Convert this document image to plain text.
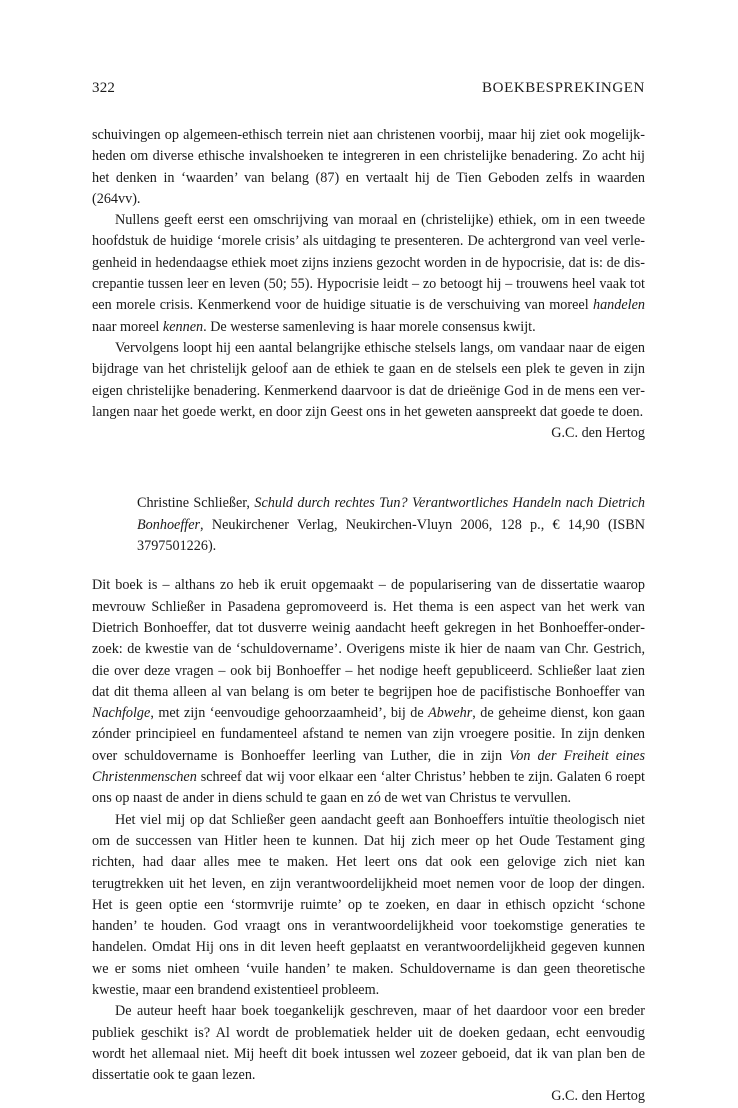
322	BOEKBESPREKINGEN

schuivingen op algemeen-ethisch terrein niet aan christenen voorbij, maar hij ziet ook mogelijkheden om diverse ethische invalshoeken te integreren in een christelijke benadering. Zo acht hij het denken in ‘waarden’ van belang (87) en vertaalt hij de Tien Geboden zelfs in waarden (264vv).

Nullens geeft eerst een omschrijving van moraal en (christelijke) ethiek, om in een tweede hoofdstuk de huidige ‘morele crisis’ als uitdaging te presenteren. De achtergrond van veel verlegenheid in hedendaagse ethiek moet zijns inziens gezocht worden in de hypocrisie, dat is: de discrepantie tussen leer en leven (50; 55). Hypocrisie leidt – zo betoogt hij – trouwens heel vaak tot een morele crisis. Kenmerkend voor de huidige situatie is de verschuiving van moreel handelen naar moreel kennen. De westerse samenleving is haar morele consensus kwijt.

Vervolgens loopt hij een aantal belangrijke ethische stelsels langs, om vandaar naar de eigen bijdrage van het christelijk geloof aan de ethiek te gaan en de stelsels een plek te geven in zijn eigen christelijke benadering. Kenmerkend daarvoor is dat de drieënige God in de mens een verlangen naar het goede werkt, en door zijn Geest ons in het geweten aanspreekt dat goede te doen.

G.C. den Hertog

Christine Schließer, Schuld durch rechtes Tun? Verantwortliches Handeln nach Dietrich Bonhoeffer, Neukirchener Verlag, Neukirchen-Vluyn 2006, 128 p., € 14,90 (ISBN 3797501226).

Dit boek is – althans zo heb ik eruit opgemaakt – de popularisering van de dissertatie waarop mevrouw Schließer in Pasadena gepromoveerd is. Het thema is een aspect van het werk van Dietrich Bonhoeffer, dat tot dusverre weinig aandacht heeft gekregen in het Bonhoeffer-onderzoek: de kwestie van de ‘schuldovername’. Overigens miste ik hier de naam van Chr. Gestrich, die over deze vragen – ook bij Bonhoeffer – het nodige heeft gepubliceerd. Schließer laat zien dat dit thema alleen al van belang is om beter te begrijpen hoe de pacifistische Bonhoeffer van Nachfolge, met zijn ‘eenvoudige gehoorzaamheid’, bij de Abwehr, de geheime dienst, kon gaan zónder principieel en fundamenteel afstand te nemen van zijn vroegere positie. In zijn denken over schuldovername is Bonhoeffer leerling van Luther, die in zijn Von der Freiheit eines Christenmenschen schreef dat wij voor elkaar een ‘alter Christus’ hebben te zijn. Galaten 6 roept ons op naast de ander in diens schuld te gaan en zó de wet van Christus te vervullen.

Het viel mij op dat Schließer geen aandacht geeft aan Bonhoeffers intuïtie theologisch niet om de successen van Hitler heen te kunnen. Dat hij zich meer op het Oude Testament ging richten, had daar alles mee te maken. Het leert ons dat ook een gelovige zich niet kan terugtrekken uit het leven, en zijn verantwoordelijkheid moet nemen voor de loop der dingen. Het is geen optie een ‘stormvrije ruimte’ op te zoeken, en daar in ethisch opzicht ‘schone handen’ te houden. God vraagt ons in verantwoordelijkheid voor toekomstige generaties te handelen. Omdat Hij ons in dit leven heeft geplaatst en verantwoordelijkheid gegeven kunnen we er soms niet omheen ‘vuile handen’ te maken. Schuldovername is dan geen theoretische kwestie, maar een brandend existentieel probleem.

De auteur heeft haar boek toegankelijk geschreven, maar of het daardoor voor een breder publiek geschikt is? Al wordt de problematiek helder uit de doeken gedaan, echt eenvoudig wordt het allemaal niet. Mij heeft dit boek intussen wel zozeer geboeid, dat ik van plan ben de dissertatie ook te gaan lezen.

G.C. den Hertog
